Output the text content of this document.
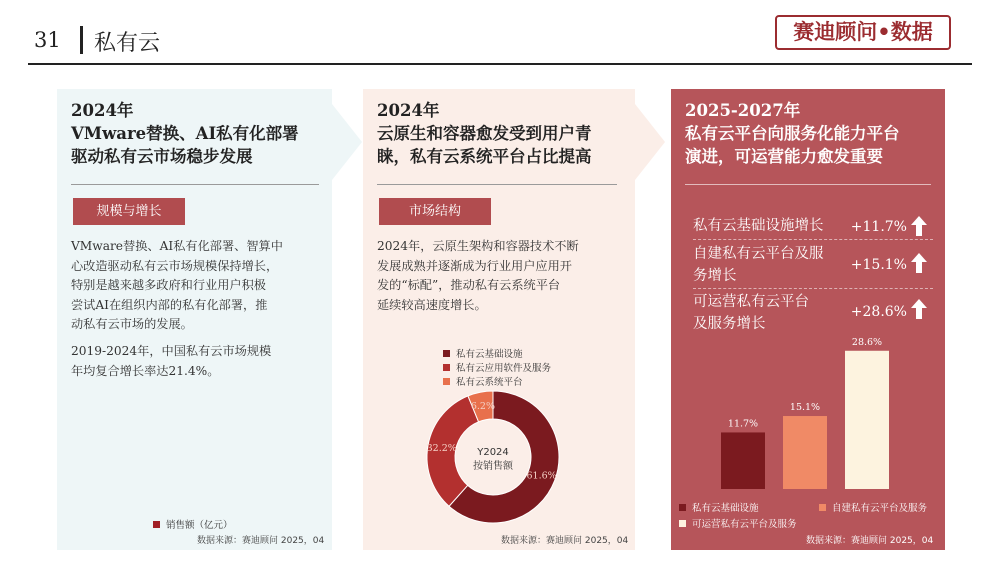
31 私有云	赛迪顾问•数据
2024年
VMware替换、AI私有化部署
驱动私有云市场稳步发展
规模与增长
VMware替换、AI私有化部署、智算中
心改造驱动私有云市场规模保持增长，
特别是越来越多政府和行业用户积极
尝试AI在组织内部的私有化部署，推
动私有云市场的发展。
2019-2024年，中国私有云市场规模
年均复合增长率达21.4%。
销售额（亿元）
数据来源：赛迪顾问 2025，04
2024年
云原生和容器愈发受到用户青
睐，私有云系统平台占比提高
市场结构
2024年，云原生架构和容器技术不断
发展成熟并逐渐成为行业用户应用开
发的“标配”，推动私有云系统平台
延续较高速度增长。
私有云基础设施
私有云应用软件及服务
私有云系统平台
61.6%
32.2%
6.2%
Y2024
按销售额
数据来源：赛迪顾问 2025，04
2025-2027年
私有云平台向服务化能力平台
演进，可运营能力愈发重要
私有云基础设施增长 +11.7%
自建私有云平台及服
务增长
+15.1%
可运营私有云平台
及服务增长
+28.6%
11.7%
15.1%
28.6%
私有云基础设施	自建私有云平台及服务
可运营私有云平台及服务
数据来源：赛迪顾问 2025，04
